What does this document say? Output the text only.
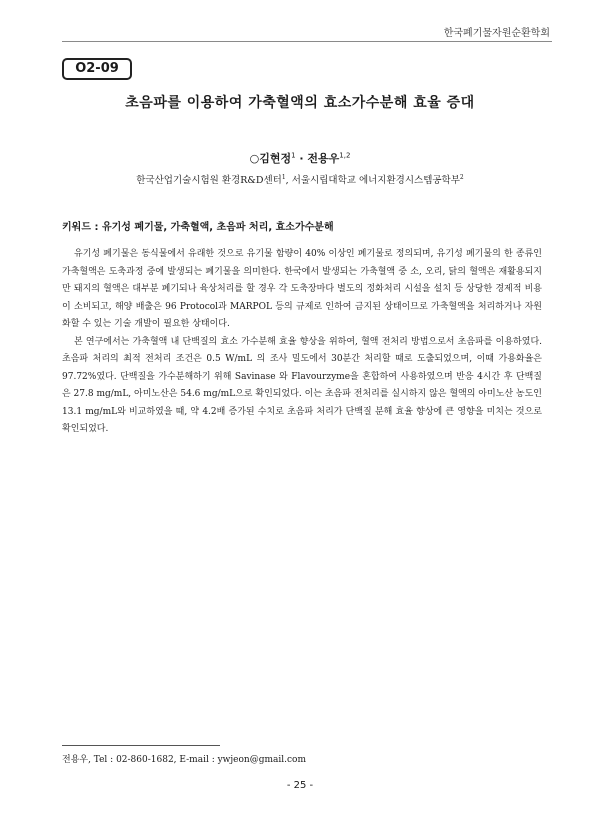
한국폐기물자원순환학회
O2-09
초음파를 이용하여 가축혈액의 효소가수분해 효율 증대
○김현정$^1$ · 전용우$^{1,2}$
한국산업기술시험원 환경R&D센터$^1$, 서울시립대학교 에너지환경시스템공학부$^2$
키워드 : 유기성 폐기물, 가축혈액, 초음파 처리, 효소가수분해

유기성 폐기물은 동식물에서 유래한 것으로 유기물 함량이 40% 이상인 폐기물로 정의되며, 유기성 폐기물의 한 종류인 가축혈액은 도축과정 중에 발생되는 폐기물을 의미한다. 한국에서 발생되는 가축혈액 중 소, 오리, 닭의 혈액은 재활용되지만 돼지의 혈액은 대부분 폐기되나 육상처리를 할 경우 각 도축장마다 별도의 정화처리 시설을 설치 등 상당한 경제적 비용이 소비되고, 해양 배출은 96 Protocol과 MARPOL 등의 규제로 인하여 금지된 상태이므로 가축혈액을 처리하거나 자원화할 수 있는 기술 개발이 필요한 상태이다.

본 연구에서는 가축혈액 내 단백질의 효소 가수분해 효율 향상을 위하여, 혈액 전처리 방법으로서 초음파를 이용하였다. 초음파 처리의 최적 전처리 조건은 0.5 W/mL 의 조사 밀도에서 30분간 처리할 때로 도출되었으며, 이때 가용화율은 97.72%였다. 단백질을 가수분해하기 위해 Savinase 와 Flavourzyme을 혼합하여 사용하였으며 반응 4시간 후 단백질은 27.8 mg/mL, 아미노산은 54.6 mg/mL으로 확인되었다. 이는 초음파 전처리를 실시하지 않은 혈액의 아미노산 농도인 13.1 mg/mL와 비교하였을 때, 약 4.2배 증가된 수치로 초음파 처리가 단백질 분해 효율 향상에 큰 영향을 미치는 것으로 확인되었다.

전용우, Tel : 02-860-1682, E-mail : ywjeon@gmail.com
- 25 -
